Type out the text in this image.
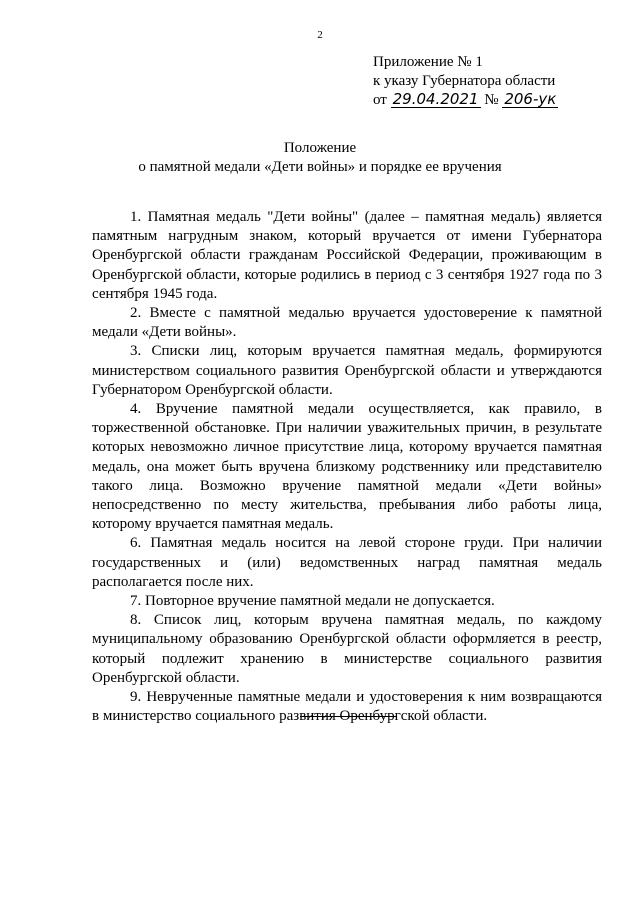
2
Приложение № 1
к указу Губернатора области
от 29.04.2021 № 206-ук
Положение
о памятной медали «Дети войны» и порядке ее вручения

1. Памятная медаль "Дети войны" (далее – памятная медаль) является памятным нагрудным знаком, который вручается от имени Губернатора Оренбургской области гражданам Российской Федерации, проживающим в Оренбургской области, которые родились в период с 3 сентября 1927 года по 3 сентября 1945 года.

2. Вместе с памятной медалью вручается удостоверение к памятной медали «Дети войны».

3. Списки лиц, которым вручается памятная медаль, формируются министерством социального развития Оренбургской области и утверждаются Губернатором Оренбургской области.

4. Вручение памятной медали осуществляется, как правило, в торжественной обстановке. При наличии уважительных причин, в результате которых невозможно личное присутствие лица, которому вручается памятная медаль, она может быть вручена близкому родственнику или представителю такого лица. Возможно вручение памятной медали «Дети войны» непосредственно по месту жительства, пребывания либо работы лица, которому вручается памятная медаль.

6. Памятная медаль носится на левой стороне груди. При наличии государственных и (или) ведомственных наград памятная медаль располагается после них.

7. Повторное вручение памятной медали не допускается.

8. Список лиц, которым вручена памятная медаль, по каждому муниципальному образованию Оренбургской области оформляется в реестр, который подлежит хранению в министерстве социального развития Оренбургской области.

9. Неврученные памятные медали и удостоверения к ним возвращаются в министерство социального развития Оренбургской области.
